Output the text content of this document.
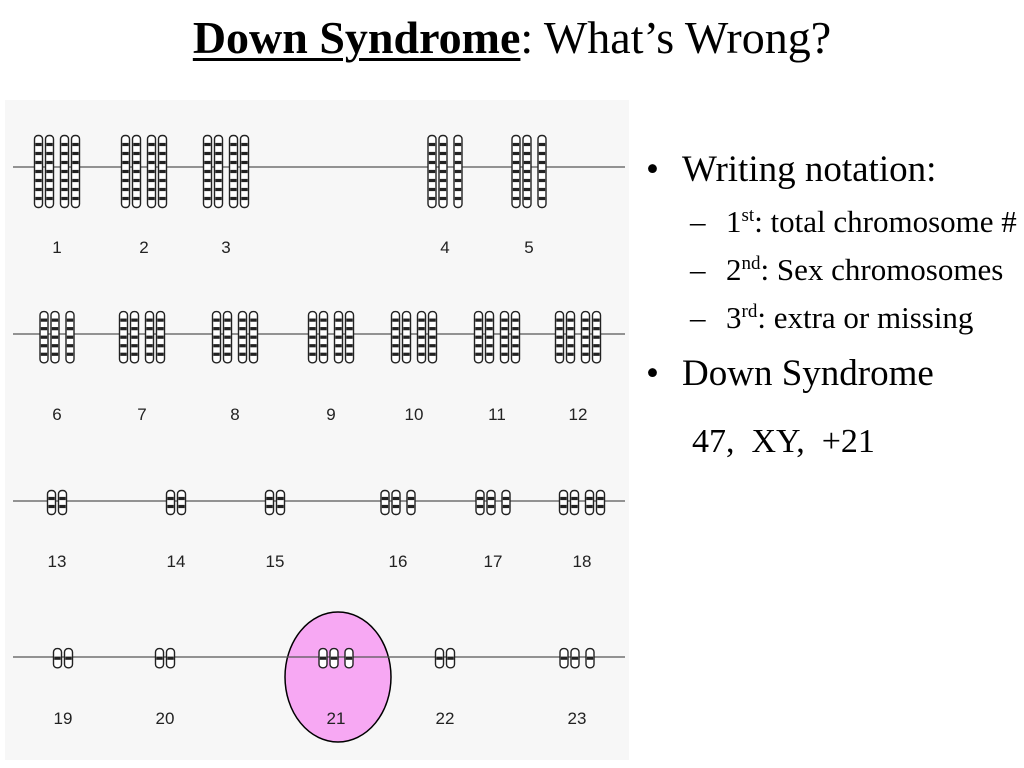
Down Syndrome: What’s Wrong?
1	2	3	4	5
6	7	8	9	10	11	12
13	14	15	16	17	18
19	20	21	22	23
• Writing notation:
– 1st: total chromosome #
– 2nd: Sex chromosomes
– 3rd: extra or missing
• Down Syndrome
47,  XY,  +21
